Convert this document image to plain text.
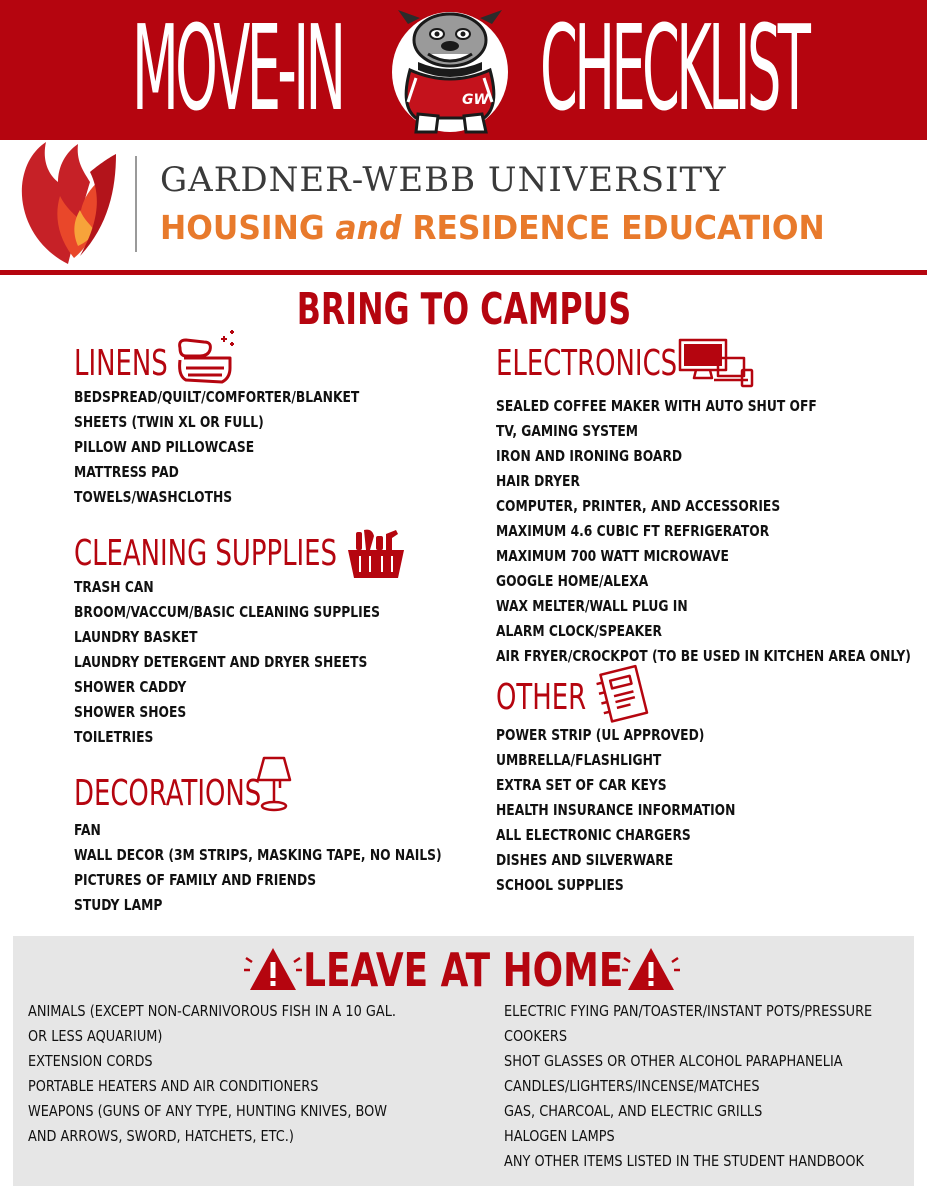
MOVE-IN CHECKLIST
GW
GARDNER-WEBB UNIVERSITY
HOUSING and RESIDENCE EDUCATION
BRING TO CAMPUS
LINENS
BEDSPREAD/QUILT/COMFORTER/BLANKET
SHEETS (TWIN XL OR FULL)
PILLOW AND PILLOWCASE
MATTRESS PAD
TOWELS/WASHCLOTHS
CLEANING SUPPLIES
TRASH CAN
BROOM/VACCUM/BASIC CLEANING SUPPLIES
LAUNDRY BASKET
LAUNDRY DETERGENT AND DRYER SHEETS
SHOWER CADDY
SHOWER SHOES
TOILETRIES
DECORATIONS
FAN
WALL DECOR (3M STRIPS, MASKING TAPE, NO NAILS)
PICTURES OF FAMILY AND FRIENDS
STUDY LAMP
ELECTRONICS
SEALED COFFEE MAKER WITH AUTO SHUT OFF
TV, GAMING SYSTEM
IRON AND IRONING BOARD
HAIR DRYER
COMPUTER, PRINTER, AND ACCESSORIES
MAXIMUM 4.6 CUBIC FT REFRIGERATOR
MAXIMUM 700 WATT MICROWAVE
GOOGLE HOME/ALEXA
WAX MELTER/WALL PLUG IN
ALARM CLOCK/SPEAKER
AIR FRYER/CROCKPOT (TO BE USED IN KITCHEN AREA ONLY)
OTHER
POWER STRIP (UL APPROVED)
UMBRELLA/FLASHLIGHT
EXTRA SET OF CAR KEYS
HEALTH INSURANCE INFORMATION
ALL ELECTRONIC CHARGERS
DISHES AND SILVERWARE
SCHOOL SUPPLIES
LEAVE AT HOME
ANIMALS (EXCEPT NON-CARNIVOROUS FISH IN A 10 GAL. OR LESS AQUARIUM)
EXTENSION CORDS
PORTABLE HEATERS AND AIR CONDITIONERS
WEAPONS (GUNS OF ANY TYPE, HUNTING KNIVES, BOW AND ARROWS, SWORD, HATCHETS, ETC.)
ELECTRIC FYING PAN/TOASTER/INSTANT POTS/PRESSURE COOKERS
SHOT GLASSES OR OTHER ALCOHOL PARAPHANELIA
CANDLES/LIGHTERS/INCENSE/MATCHES
GAS, CHARCOAL, AND ELECTRIC GRILLS
HALOGEN LAMPS
ANY OTHER ITEMS LISTED IN THE STUDENT HANDBOOK
